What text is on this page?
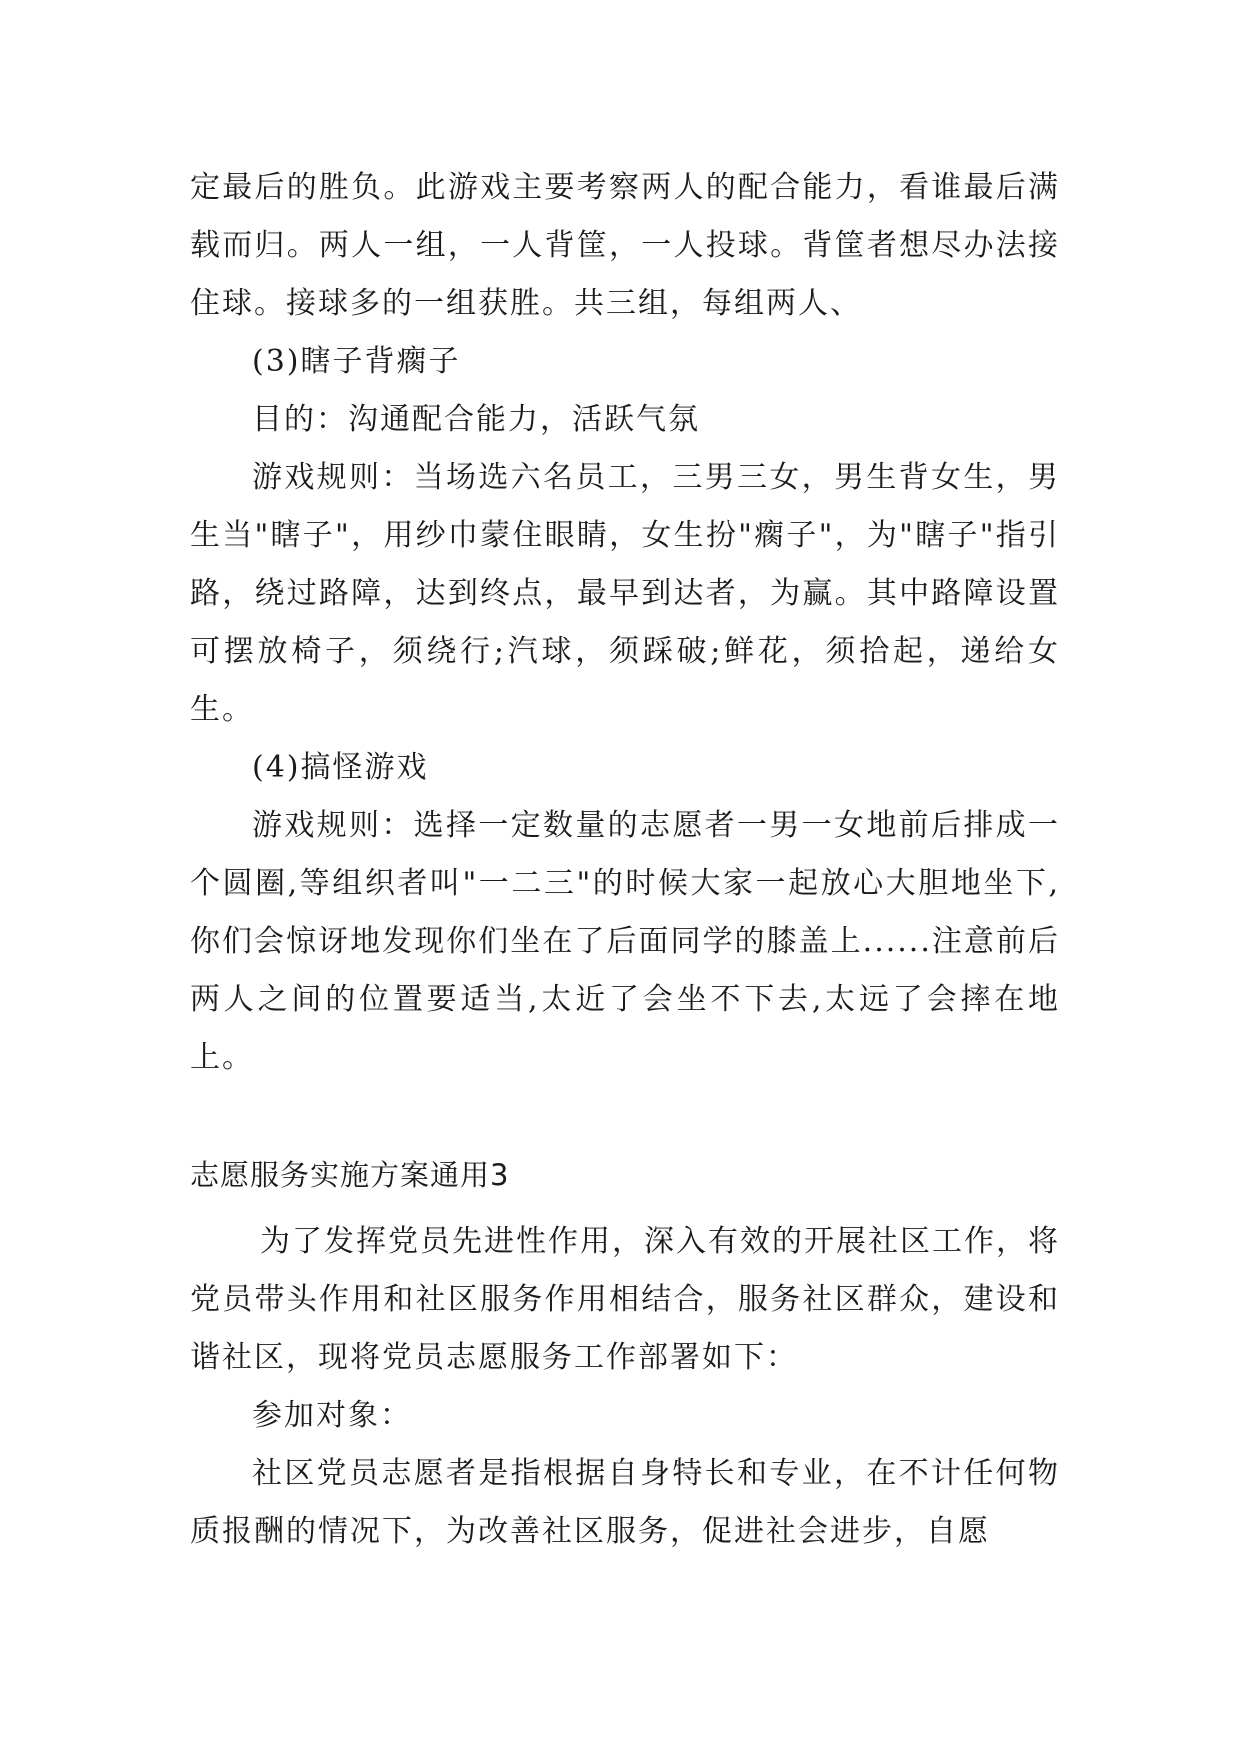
定最后的胜负。此游戏主要考察两人的配合能力，看谁最后满载而归。两人一组，一人背筐，一人投球。背筐者想尽办法接住球。接球多的一组获胜。共三组，每组两人、

(3)瞎子背瘸子

目的：沟通配合能力，活跃气氛

游戏规则：当场选六名员工，三男三女，男生背女生，男生当"瞎子"，用纱巾蒙住眼睛，女生扮"瘸子"，为"瞎子"指引路，绕过路障，达到终点，最早到达者，为赢。其中路障设置可摆放椅子，须绕行;汽球，须踩破;鲜花，须拾起，递给女生。

(4)搞怪游戏

游戏规则：选择一定数量的志愿者一男一女地前后排成一个圆圈,等组织者叫"一二三"的时候大家一起放心大胆地坐下,你们会惊讶地发现你们坐在了后面同学的膝盖上......注意前后两人之间的位置要适当,太近了会坐不下去,太远了会摔在地上。

志愿服务实施方案通用3

为了发挥党员先进性作用，深入有效的开展社区工作，将党员带头作用和社区服务作用相结合，服务社区群众，建设和谐社区，现将党员志愿服务工作部署如下：

参加对象：

社区党员志愿者是指根据自身特长和专业，在不计任何物质报酬的情况下，为改善社区服务，促进社会进步，自愿
